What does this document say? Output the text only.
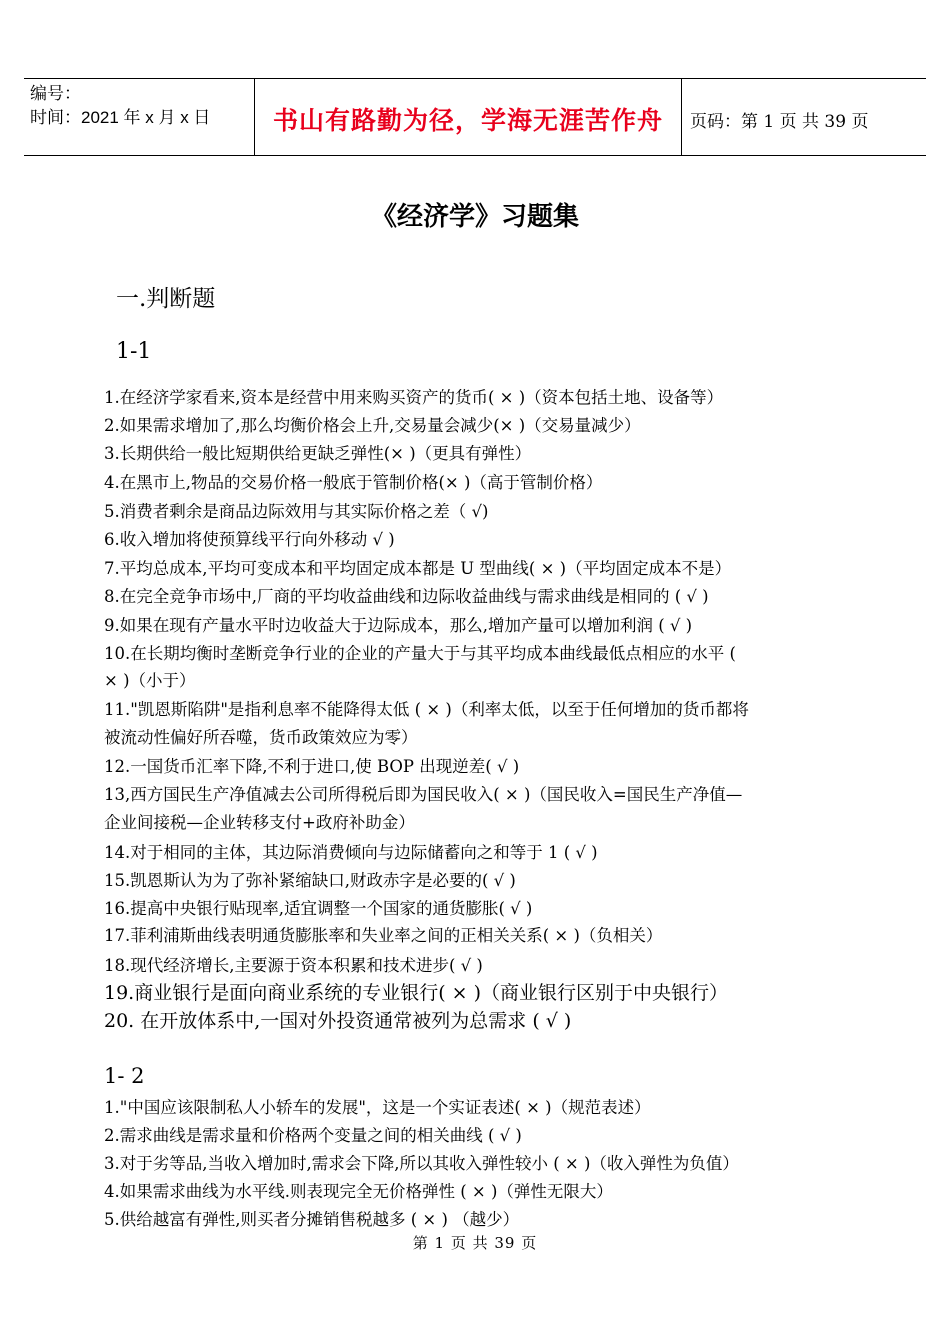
编号：
时间：2021 年 x 月 x 日	书山有路勤为径，学海无涯苦作舟	页码：第 1 页 共 39 页
《经济学》习题集
一.判断题
1-1
1.在经济学家看来,资本是经营中用来购买资产的货币( × )（资本包括土地、设备等）
2.如果需求增加了,那么均衡价格会上升,交易量会减少(× )（交易量减少）
3.长期供给一般比短期供给更缺乏弹性(× )（更具有弹性）
4.在黑市上,物品的交易价格一般底于管制价格(× )（高于管制价格）
5.消费者剩余是商品边际效用与其实际价格之差（ √)
6.收入增加将使预算线平行向外移动 √ )
7.平均总成本,平均可变成本和平均固定成本都是 U 型曲线( × )（平均固定成本不是）
8.在完全竞争市场中,厂商的平均收益曲线和边际收益曲线与需求曲线是相同的 ( √ )
9.如果在现有产量水平时边收益大于边际成本，那么,增加产量可以增加利润 ( √ )
10.在长期均衡时垄断竞争行业的企业的产量大于与其平均成本曲线最低点相应的水平 (
× )（小于）
11."凯恩斯陷阱"是指利息率不能降得太低 ( × )（利率太低，以至于任何增加的货币都将
被流动性偏好所吞噬，货币政策效应为零）
12.一国货币汇率下降,不利于进口,使 BOP 出现逆差( √ )
13,西方国民生产净值减去公司所得税后即为国民收入( × )（国民收入=国民生产净值—
企业间接税—企业转移支付+政府补助金）
14.对于相同的主体，其边际消费倾向与边际储蓄向之和等于 1 ( √ )
15.凯恩斯认为为了弥补紧缩缺口,财政赤字是必要的( √ )
16.提高中央银行贴现率,适宜调整一个国家的通货膨胀( √ )
17.菲利浦斯曲线表明通货膨胀率和失业率之间的正相关关系( × )（负相关）
18.现代经济增长,主要源于资本积累和技术进步( √ )
19.商业银行是面向商业系统的专业银行( × )（商业银行区别于中央银行）
20. 在开放体系中,一国对外投资通常被列为总需求 ( √ )
1- 2
1."中国应该限制私人小轿车的发展"，这是一个实证表述( × )（规范表述）
2.需求曲线是需求量和价格两个变量之间的相关曲线 ( √ )
3.对于劣等品,当收入增加时,需求会下降,所以其收入弹性较小 ( × )（收入弹性为负值）
4.如果需求曲线为水平线.则表现完全无价格弹性 ( × )（弹性无限大）
5.供给越富有弹性,则买者分摊销售税越多 ( × ) （越少）
第 1 页 共 39 页
